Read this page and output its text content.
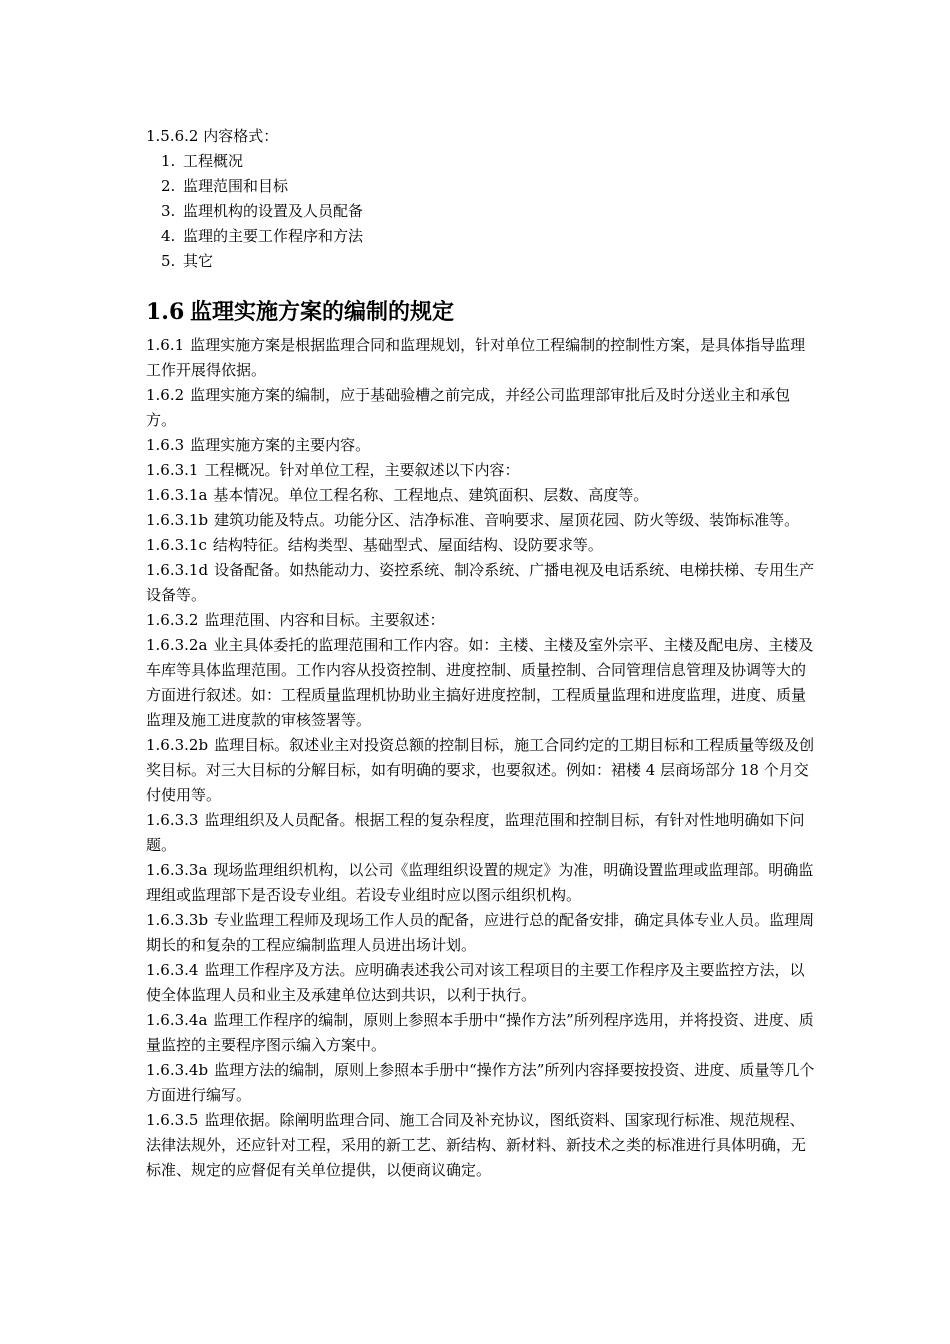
1.5.6.2 内容格式：
1. 工程概况
2. 监理范围和目标
3. 监理机构的设置及人员配备
4. 监理的主要工作程序和方法
5. 其它
1.6 监理实施方案的编制的规定
1.6.1 监理实施方案是根据监理合同和监理规划，针对单位工程编制的控制性方案，是具体指导监理工作开展得依据。
1.6.2 监理实施方案的编制，应于基础验槽之前完成，并经公司监理部审批后及时分送业主和承包方。
1.6.3 监理实施方案的主要内容。
1.6.3.1 工程概况。针对单位工程，主要叙述以下内容：
1.6.3.1a 基本情况。单位工程名称、工程地点、建筑面积、层数、高度等。
1.6.3.1b 建筑功能及特点。功能分区、洁净标准、音响要求、屋顶花园、防火等级、装饰标准等。
1.6.3.1c 结构特征。结构类型、基础型式、屋面结构、设防要求等。
1.6.3.1d 设备配备。如热能动力、姿控系统、制冷系统、广播电视及电话系统、电梯扶梯、专用生产设备等。
1.6.3.2 监理范围、内容和目标。主要叙述：
1.6.3.2a 业主具体委托的监理范围和工作内容。如：主楼、主楼及室外宗平、主楼及配电房、主楼及车库等具体监理范围。工作内容从投资控制、进度控制、质量控制、合同管理信息管理及协调等大的方面进行叙述。如：工程质量监理机协助业主搞好进度控制，工程质量监理和进度监理，进度、质量监理及施工进度款的审核签署等。
1.6.3.2b 监理目标。叙述业主对投资总额的控制目标，施工合同约定的工期目标和工程质量等级及创奖目标。对三大目标的分解目标，如有明确的要求，也要叙述。例如：裙楼 4 层商场部分 18 个月交付使用等。
1.6.3.3 监理组织及人员配备。根据工程的复杂程度，监理范围和控制目标，有针对性地明确如下问题。
1.6.3.3a 现场监理组织机构，以公司《监理组织设置的规定》为准，明确设置监理或监理部。明确监理组或监理部下是否设专业组。若设专业组时应以图示组织机构。
1.6.3.3b 专业监理工程师及现场工作人员的配备，应进行总的配备安排，确定具体专业人员。监理周期长的和复杂的工程应编制监理人员进出场计划。
1.6.3.4 监理工作程序及方法。应明确表述我公司对该工程项目的主要工作程序及主要监控方法，以使全体监理人员和业主及承建单位达到共识，以利于执行。
1.6.3.4a 监理工作程序的编制，原则上参照本手册中“操作方法”所列程序选用，并将投资、进度、质量监控的主要程序图示编入方案中。
1.6.3.4b 监理方法的编制，原则上参照本手册中“操作方法”所列内容择要按投资、进度、质量等几个方面进行编写。
1.6.3.5 监理依据。除阐明监理合同、施工合同及补充协议，图纸资料、国家现行标准、规范规程、法律法规外，还应针对工程，采用的新工艺、新结构、新材料、新技术之类的标准进行具体明确，无标准、规定的应督促有关单位提供，以便商议确定。
